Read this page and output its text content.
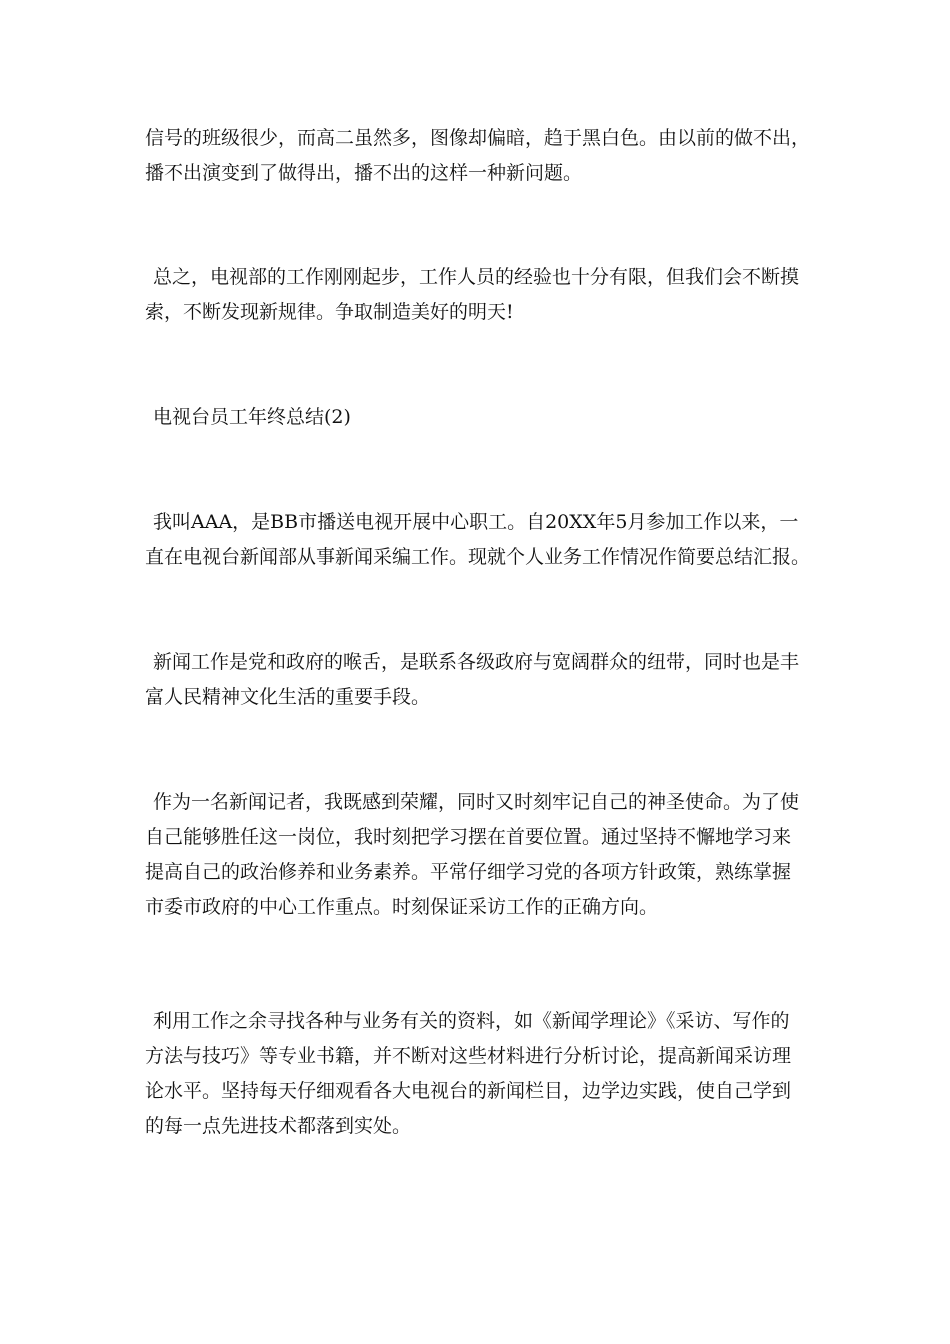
信号的班级很少，而高二虽然多，图像却偏暗，趋于黑白色。由以前的做不出，
播不出演变到了做得出，播不出的这样一种新问题。

总之，电视部的工作刚刚起步，工作人员的经验也十分有限，但我们会不断摸
索，不断发现新规律。争取制造美好的明天!

电视台员工年终总结(2)

我叫AAA，是BB市播送电视开展中心职工。自20XX年5月参加工作以来，一
直在电视台新闻部从事新闻采编工作。现就个人业务工作情况作简要总结汇报。

新闻工作是党和政府的喉舌，是联系各级政府与宽阔群众的纽带，同时也是丰
富人民精神文化生活的重要手段。

作为一名新闻记者，我既感到荣耀，同时又时刻牢记自己的神圣使命。为了使
自己能够胜任这一岗位，我时刻把学习摆在首要位置。通过坚持不懈地学习来
提高自己的政治修养和业务素养。平常仔细学习党的各项方针政策，熟练掌握
市委市政府的中心工作重点。时刻保证采访工作的正确方向。

利用工作之余寻找各种与业务有关的资料，如《新闻学理论》《采访、写作的
方法与技巧》等专业书籍，并不断对这些材料进行分析讨论，提高新闻采访理
论水平。坚持每天仔细观看各大电视台的新闻栏目，边学边实践，使自己学到
的每一点先进技术都落到实处。
